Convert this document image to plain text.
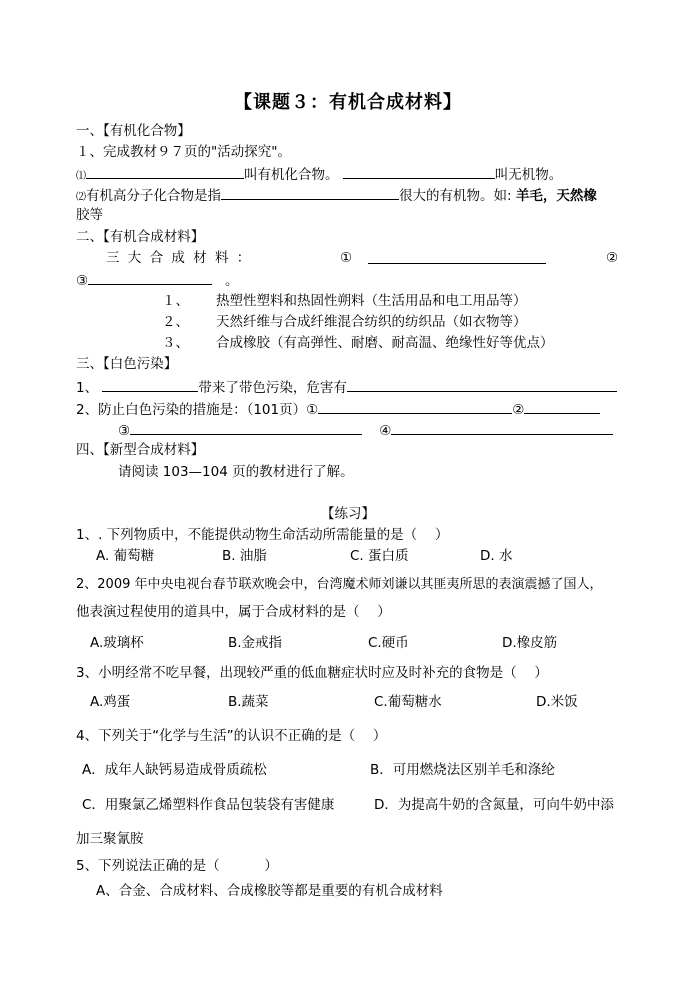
【课题３：有机合成材料】
一、【有机化合物】
１、完成教材９７页的"活动探究"。
⑴	叫有机化合物。	叫无机物。
⑵有机高分子化合物是指	很大的有机物。如: 羊毛，天然橡
胶等
二、【有机合成材料】
三 大 合 成 材 料 ：	①	②
③	。
１、 热塑性塑料和热固性朔料（生活用品和电工用品等）
２、 天然纤维与合成纤维混合纺织的纺织品（如衣物等）
３、 合成橡胶（有高弹性、耐磨、耐高温、绝缘性好等优点）
三、【白色污染】
1、	带来了带色污染，危害有
2、防止白色污染的措施是：（101页）①	②
③	④
四、【新型合成材料】
请阅读 103—104 页的教材进行了解。
【练习】
1、. 下列物质中，不能提供动物生命活动所需能量的是（　 ）
A. 葡萄糖	B. 油脂	C. 蛋白质	D. 水
2、2009 年中央电视台春节联欢晚会中，台湾魔术师刘谦以其匪夷所思的表演震撼了国人，
他表演过程使用的道具中，属于合成材料的是（　 ）
A.玻璃杯	B.金戒指	C.硬币	D.橡皮筋
3、小明经常不吃早餐，出现较严重的低血糖症状时应及时补充的食物是（　 ）
A.鸡蛋	B.蔬菜	C.葡萄糖水	D.米饭
4、下列关于“化学与生活”的认识不正确的是（　 ）
A．成年人缺钙易造成骨质疏松	B．可用燃烧法区别羊毛和涤纶
C．用聚氯乙烯塑料作食品包装袋有害健康	D．为提高牛奶的含氮量，可向牛奶中添
加三聚氰胺
5、下列说法正确的是（　　　 ）
A、合金、合成材料、合成橡胶等都是重要的有机合成材料
